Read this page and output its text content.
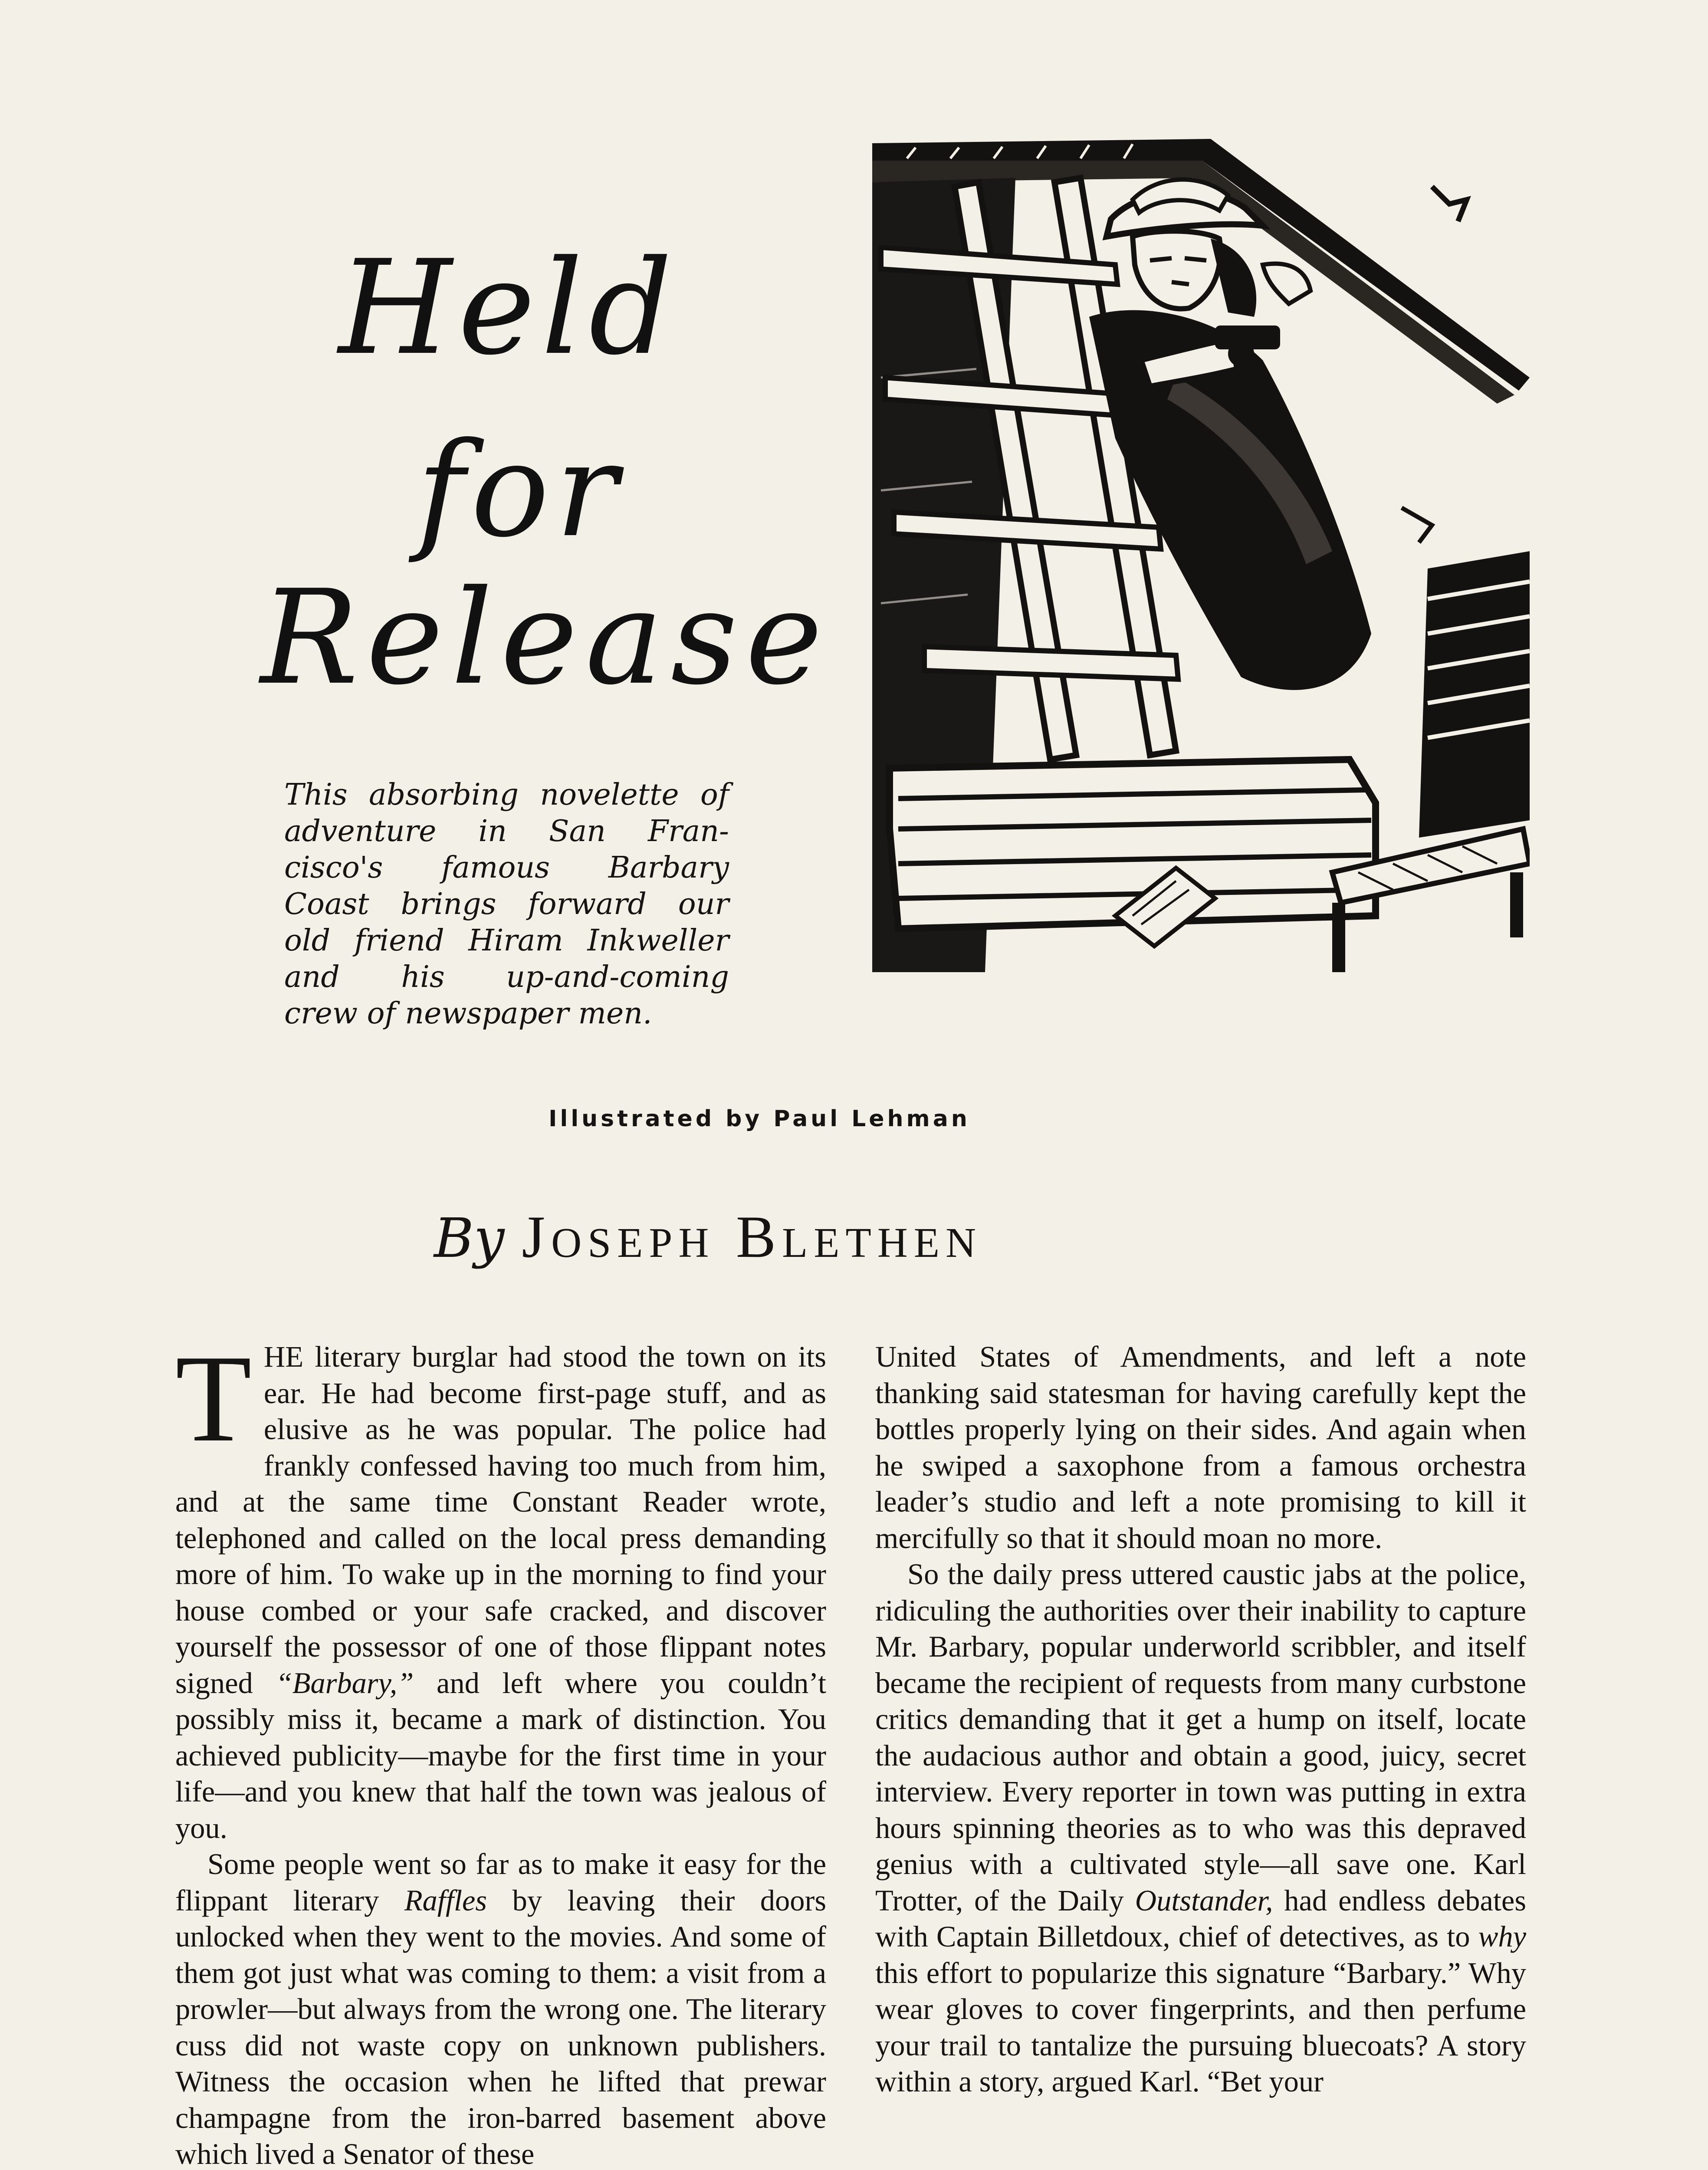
Held
for
Release
This absorbing novelette of
adventure in San Fran-
cisco's famous Barbary
Coast brings forward our
old friend Hiram Inkweller
and his up-and-coming
crew of newspaper men.
Illustrated by Paul Lehman
By Joseph Blethen

THE literary burglar had stood the town on its ear. He had become first-page stuff, and as elusive as he was popular. The police had frankly confessed having too much from him, and at the same time Constant Reader wrote, telephoned and called on the local press demanding more of him. To wake up in the morning to find your house combed or your safe cracked, and discover yourself the possessor of one of those flippant notes signed “Barbary,” and left where you couldn’t possibly miss it, became a mark of distinction. You achieved publicity—maybe for the first time in your life—and you knew that half the town was jealous of you.

Some people went so far as to make it easy for the flippant literary Raffles by leaving their doors unlocked when they went to the movies. And some of them got just what was coming to them: a visit from a prowler—but always from the wrong one. The literary cuss did not waste copy on unknown publishers. Witness the occasion when he lifted that prewar champagne from the iron-barred basement above which lived a Senator of these

United States of Amendments, and left a note thanking said statesman for having carefully kept the bottles properly lying on their sides. And again when he swiped a saxophone from a famous orchestra leader’s studio and left a note promising to kill it mercifully so that it should moan no more.

So the daily press uttered caustic jabs at the police, ridiculing the authorities over their inability to capture Mr. Barbary, popular underworld scribbler, and itself became the recipient of requests from many curbstone critics demanding that it get a hump on itself, locate the audacious author and obtain a good, juicy, secret interview. Every reporter in town was putting in extra hours spinning theories as to who was this depraved genius with a cultivated style—all save one. Karl Trotter, of the Daily Outstander, had endless debates with Captain Billetdoux, chief of detectives, as to why this effort to popularize this signature “Barbary.” Why wear gloves to cover fingerprints, and then perfume your trail to tantalize the pursuing bluecoats? A story within a story, argued Karl. “Bet your
